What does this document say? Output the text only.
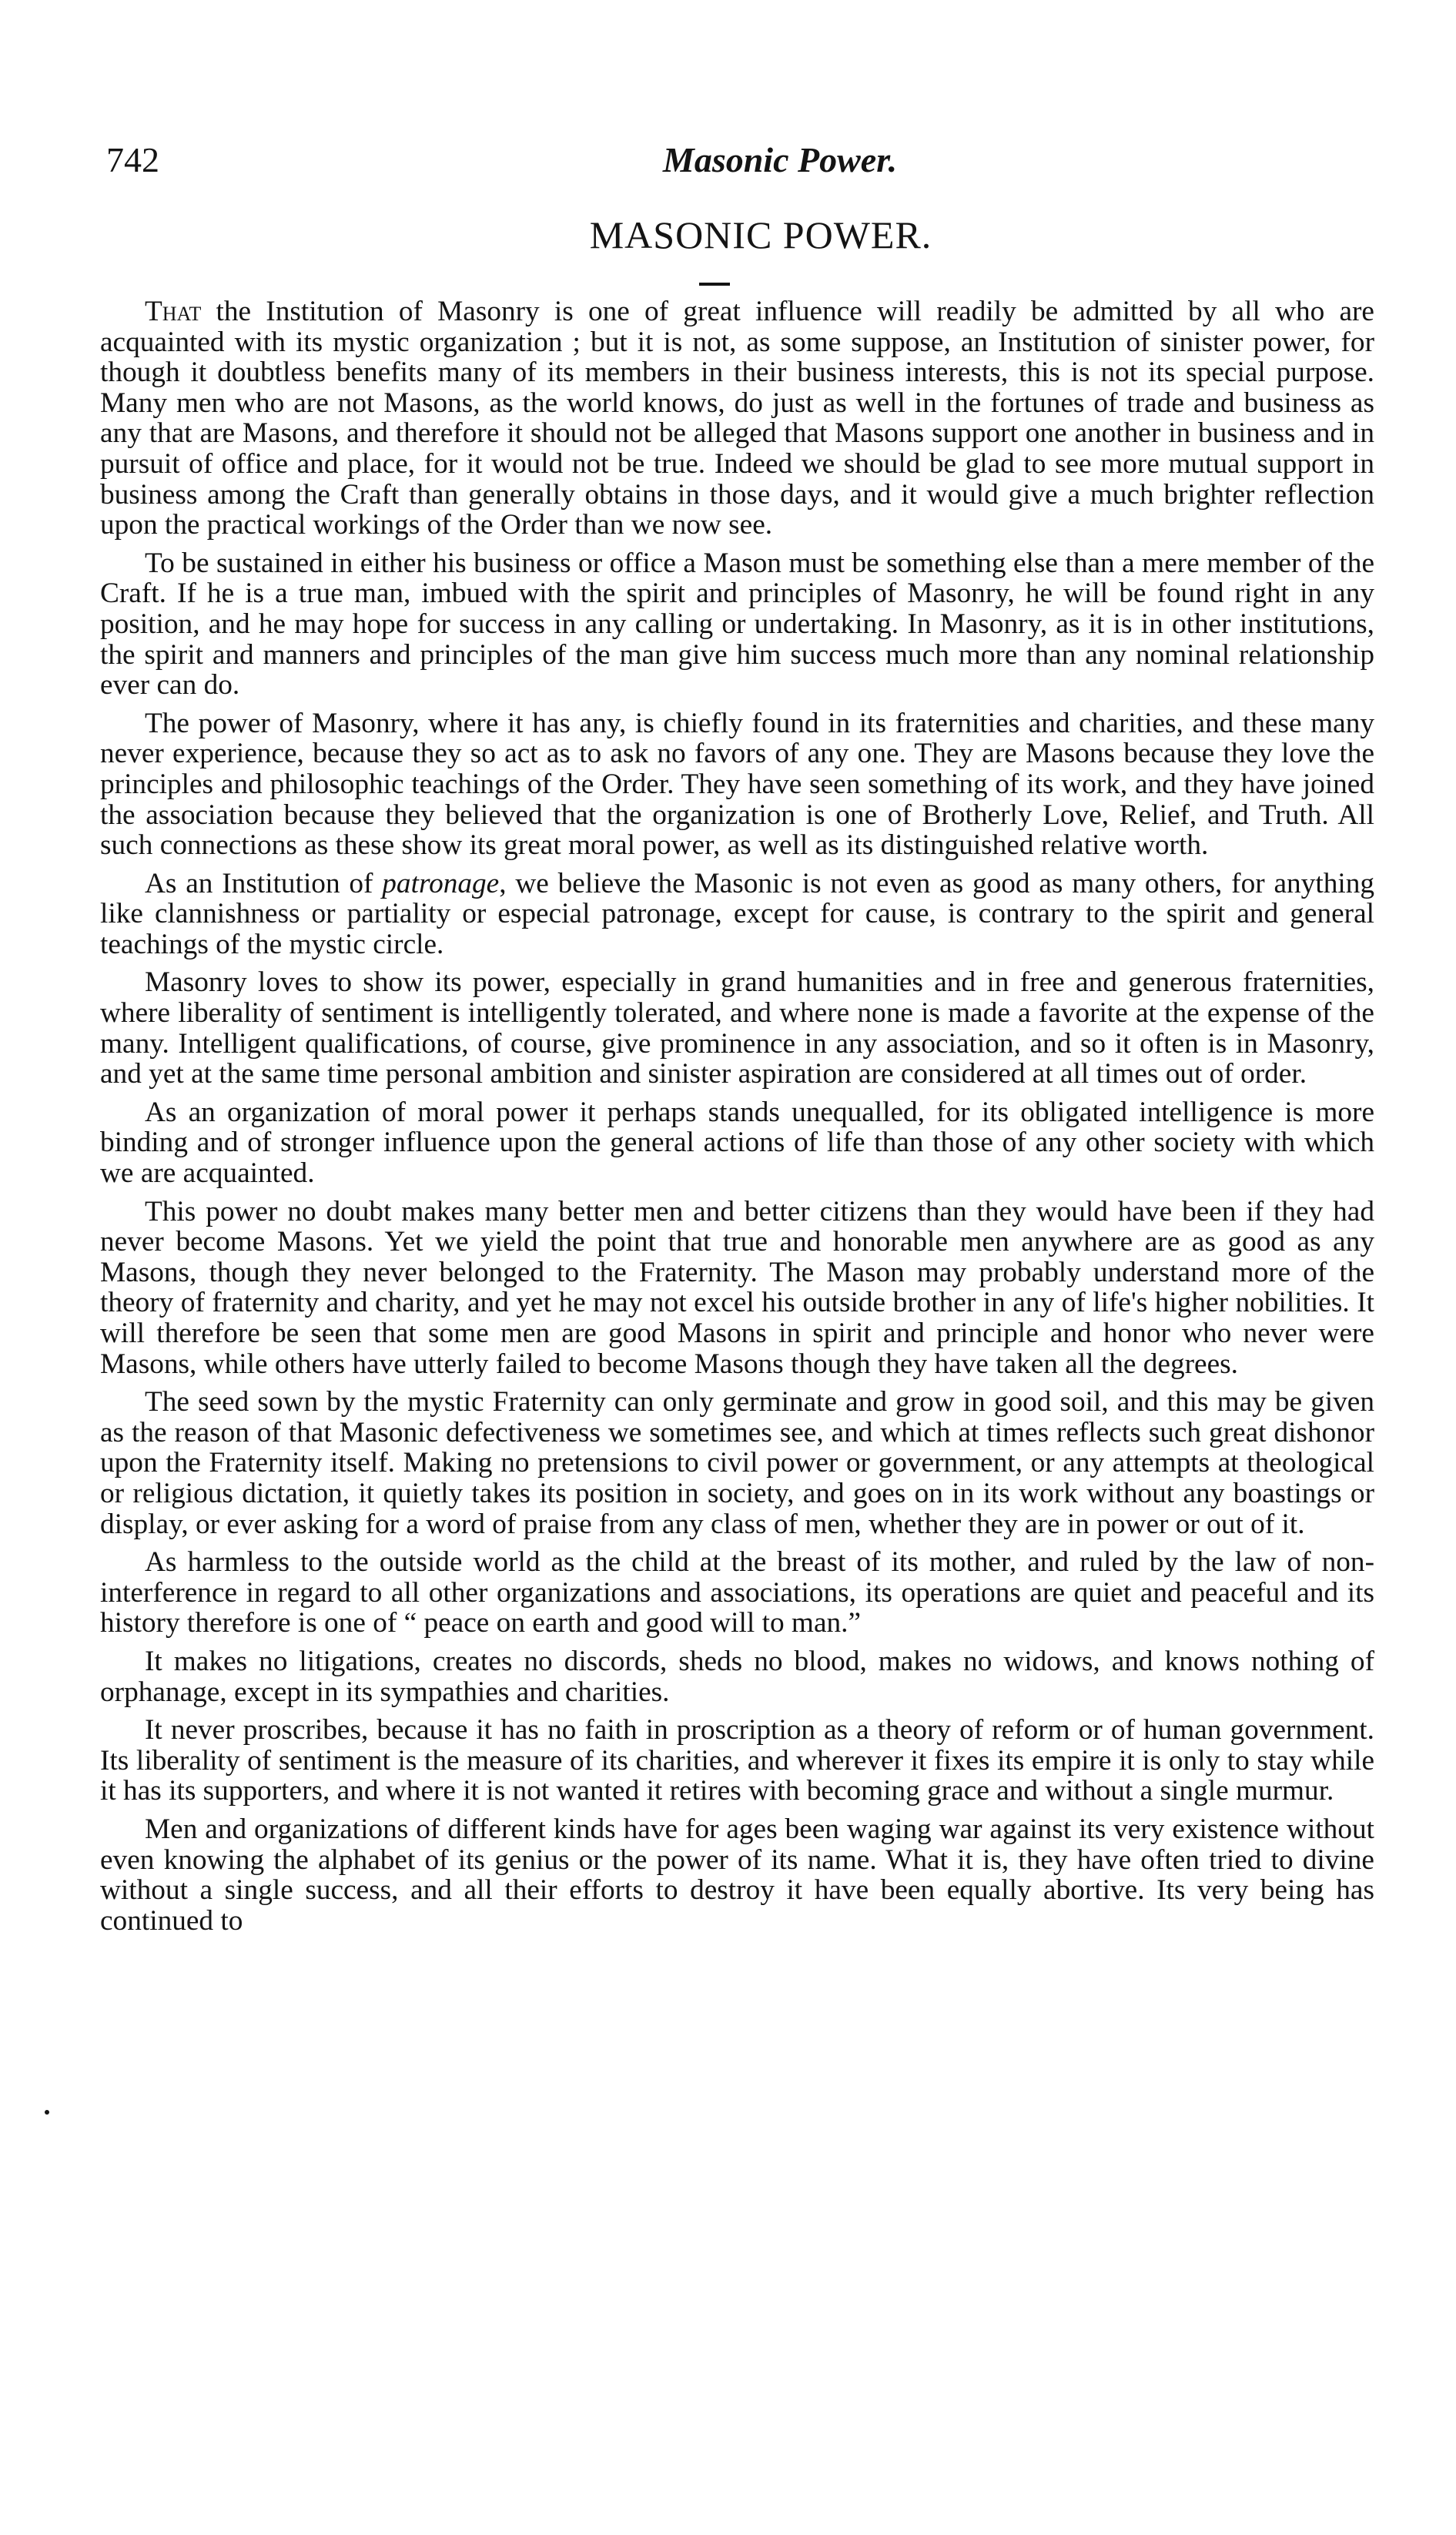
742	Masonic Power.
MASONIC POWER.

That the Institution of Masonry is one of great influence will readily be admitted by all who are acquainted with its mystic organization ; but it is not, as some suppose, an Institution of sinister power, for though it doubtless benefits many of its members in their business interests, this is not its special purpose. Many men who are not Masons, as the world knows, do just as well in the fortunes of trade and business as any that are Masons, and therefore it should not be alleged that Masons support one another in business and in pursuit of office and place, for it would not be true. Indeed we should be glad to see more mutual support in business among the Craft than generally obtains in those days, and it would give a much brighter reflection upon the practical workings of the Order than we now see.

To be sustained in either his business or office a Mason must be something else than a mere member of the Craft. If he is a true man, imbued with the spirit and principles of Masonry, he will be found right in any position, and he may hope for success in any calling or undertaking. In Masonry, as it is in other institutions, the spirit and manners and principles of the man give him success much more than any nominal relationship ever can do.

The power of Masonry, where it has any, is chiefly found in its fraternities and charities, and these many never experience, because they so act as to ask no favors of any one. They are Masons because they love the principles and philosophic teachings of the Order. They have seen something of its work, and they have joined the association because they believed that the organization is one of Brotherly Love, Relief, and Truth. All such connections as these show its great moral power, as well as its distinguished relative worth.

As an Institution of patronage, we believe the Masonic is not even as good as many others, for anything like clannishness or partiality or especial patronage, except for cause, is contrary to the spirit and general teachings of the mystic circle.

Masonry loves to show its power, especially in grand humanities and in free and generous fraternities, where liberality of sentiment is intelligently tolerated, and where none is made a favorite at the expense of the many. Intelligent qualifications, of course, give prominence in any association, and so it often is in Masonry, and yet at the same time personal ambition and sinister aspiration are considered at all times out of order.

As an organization of moral power it perhaps stands unequalled, for its obligated intelligence is more binding and of stronger influence upon the general actions of life than those of any other society with which we are acquainted.

This power no doubt makes many better men and better citizens than they would have been if they had never become Masons. Yet we yield the point that true and honorable men anywhere are as good as any Masons, though they never belonged to the Fraternity. The Mason may probably understand more of the theory of fraternity and charity, and yet he may not excel his outside brother in any of life's higher nobilities. It will therefore be seen that some men are good Masons in spirit and principle and honor who never were Masons, while others have utterly failed to become Masons though they have taken all the degrees.

The seed sown by the mystic Fraternity can only germinate and grow in good soil, and this may be given as the reason of that Masonic defectiveness we sometimes see, and which at times reflects such great dishonor upon the Fraternity itself. Making no pretensions to civil power or government, or any attempts at theological or religious dictation, it quietly takes its position in society, and goes on in its work without any boastings or display, or ever asking for a word of praise from any class of men, whether they are in power or out of it.

As harmless to the outside world as the child at the breast of its mother, and ruled by the law of non-interference in regard to all other organizations and associations, its operations are quiet and peaceful and its history therefore is one of “ peace on earth and good will to man.”

It makes no litigations, creates no discords, sheds no blood, makes no widows, and knows nothing of orphanage, except in its sympathies and charities.

It never proscribes, because it has no faith in proscription as a theory of reform or of human government. Its liberality of sentiment is the measure of its charities, and wherever it fixes its empire it is only to stay while it has its supporters, and where it is not wanted it retires with becoming grace and without a single murmur.

Men and organizations of different kinds have for ages been waging war against its very existence without even knowing the alphabet of its genius or the power of its name. What it is, they have often tried to divine without a single success, and all their efforts to destroy it have been equally abortive. Its very being has continued to
